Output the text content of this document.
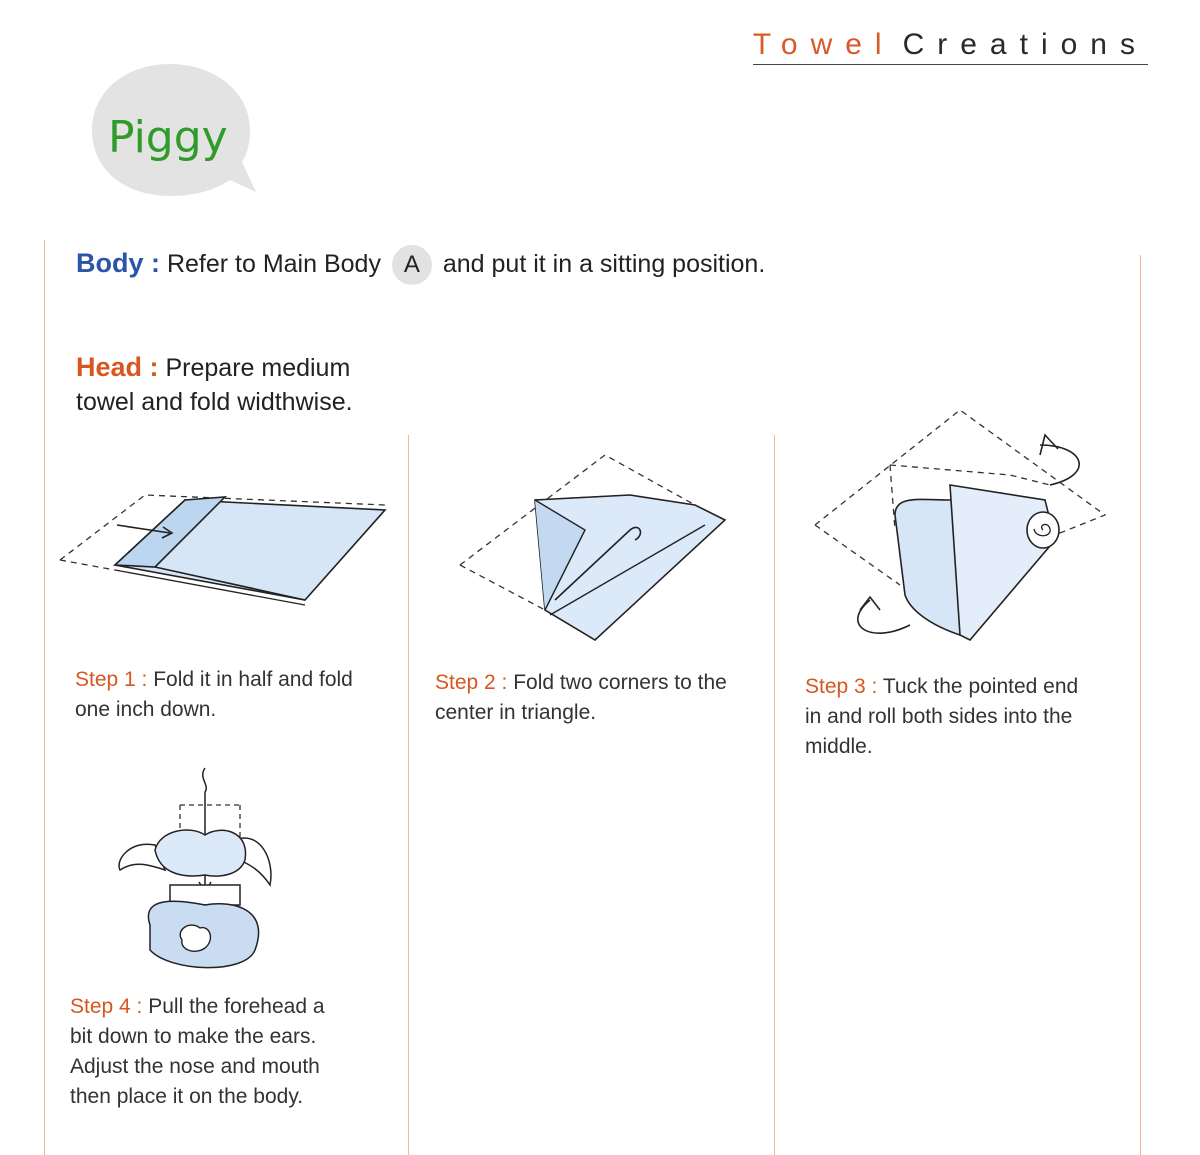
Towel Creations
Piggy
Body : Refer to Main Body A and put it in a sitting position.
Head : Prepare medium
towel and fold widthwise.
Step 1 : Fold it in half and fold
one inch down.
Step 2 : Fold two corners to the
center in triangle.
Step 3 : Tuck the pointed end
in and roll both sides into the
middle.
Step 4 : Pull the forehead a
bit down to make the ears.
Adjust the nose and mouth
then place it on the body.
